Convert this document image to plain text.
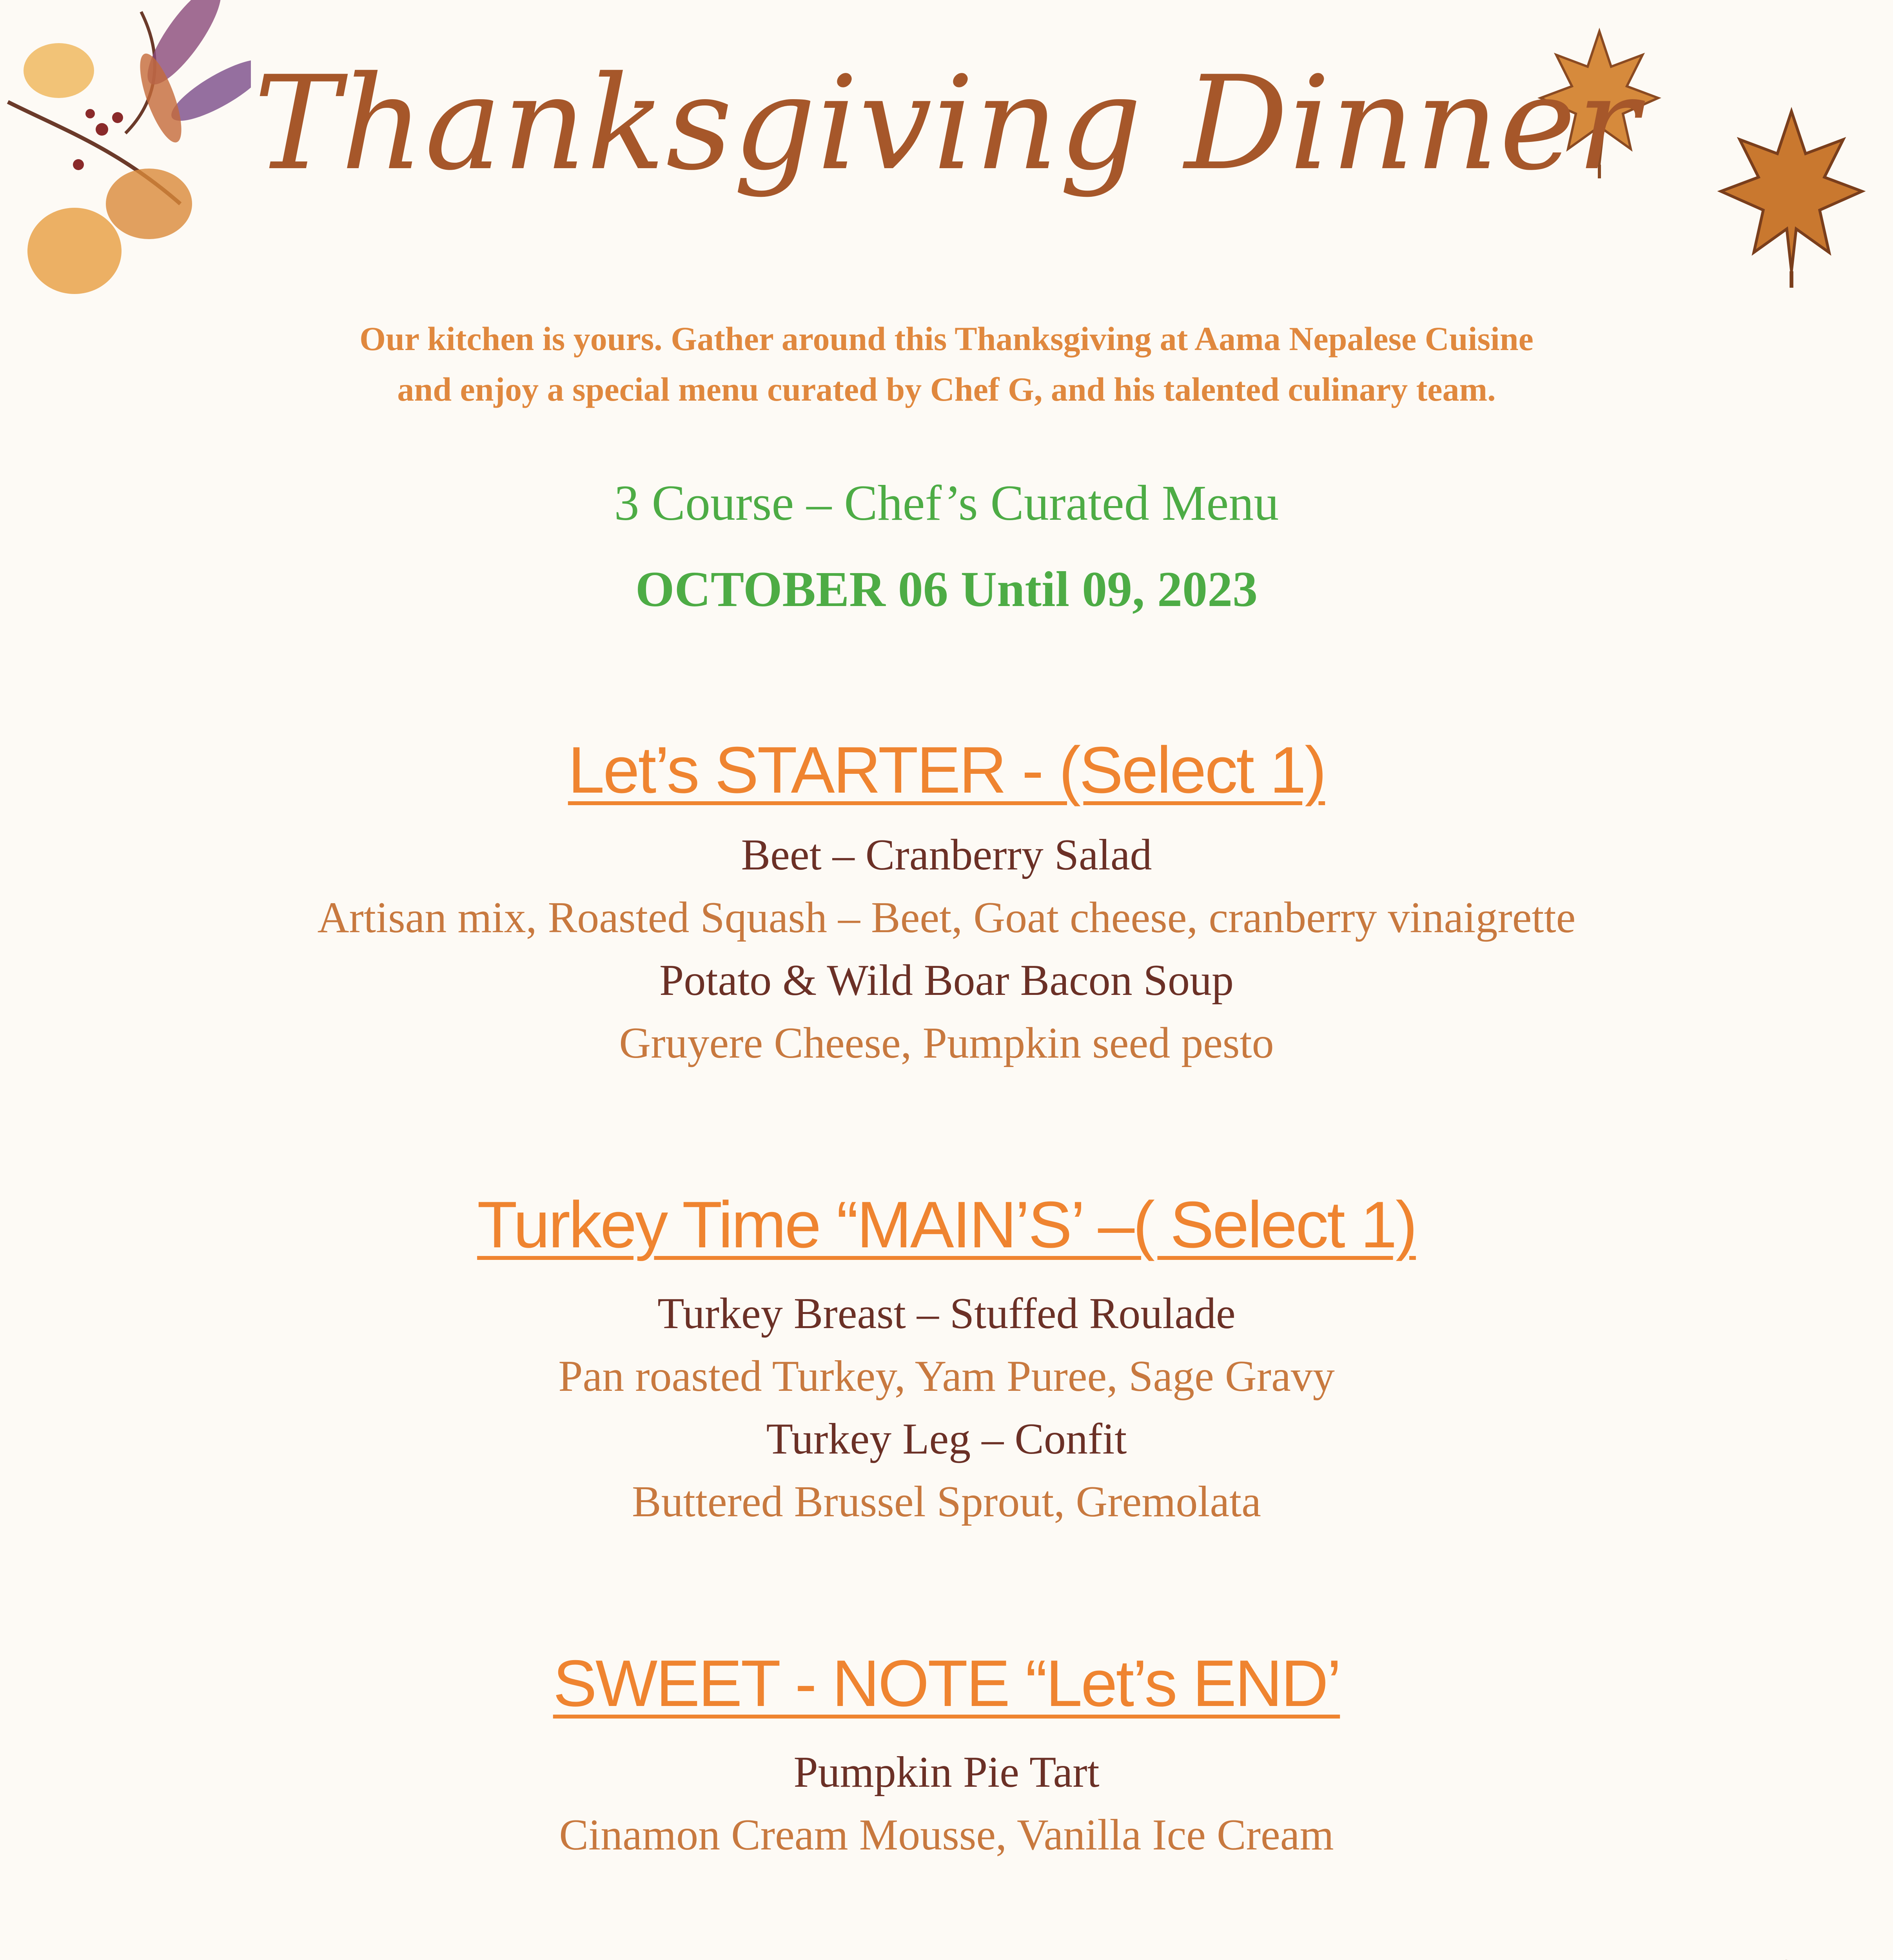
Thanksgiving Dinner
Our kitchen is yours. Gather around this Thanksgiving at Aama Nepalese Cuisine
and enjoy a special menu curated by Chef G, and his talented culinary team.
3 Course – Chef’s Curated Menu
OCTOBER 06 Until 09, 2023
Let’s STARTER - (Select 1)
Beet – Cranberry Salad
Artisan mix, Roasted Squash – Beet, Goat cheese, cranberry vinaigrette
Potato & Wild Boar Bacon Soup
Gruyere Cheese, Pumpkin seed pesto
Turkey Time “MAIN’S’ –( Select 1)
Turkey Breast – Stuffed Roulade
Pan roasted Turkey, Yam Puree, Sage Gravy
Turkey Leg – Confit
Buttered Brussel Sprout, Gremolata
SWEET - NOTE “Let’s END’
Pumpkin Pie Tart
Cinamon Cream Mousse, Vanilla Ice Cream
